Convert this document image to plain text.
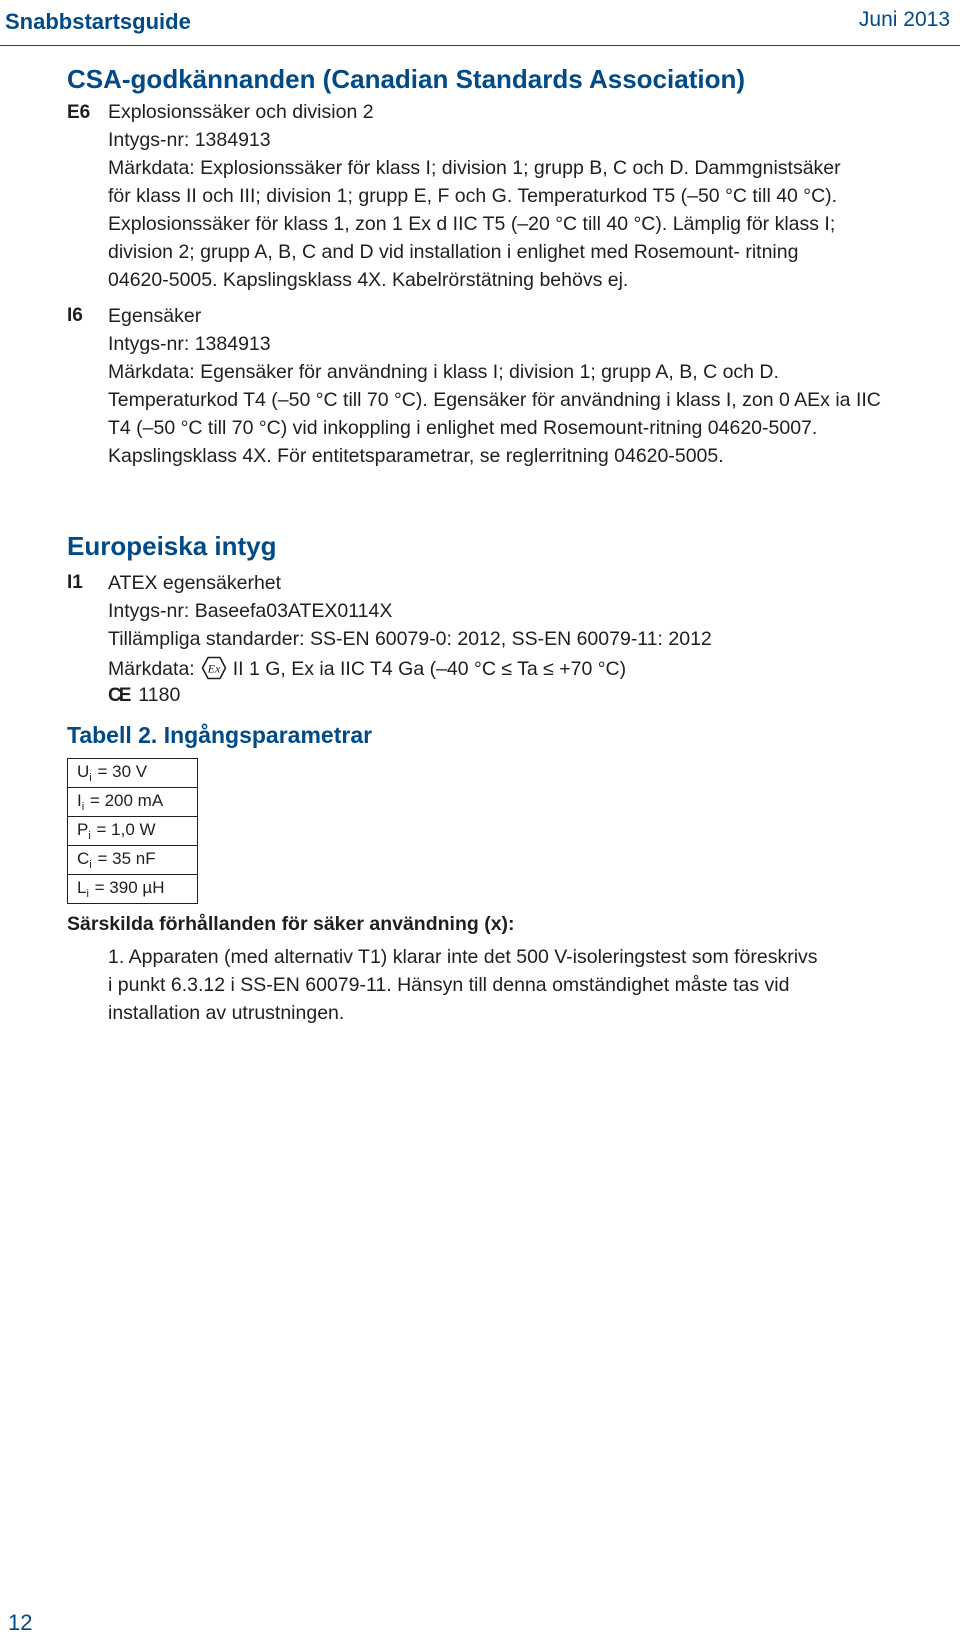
Snabbstartsguide	Juni 2013
CSA-godkännanden (Canadian Standards Association)
E6 Explosionssäker och division 2
Intygs-nr: 1384913
Märkdata: Explosionssäker för klass I; division 1; grupp B, C och D. Dammgnistsäker
för klass II och III; division 1; grupp E, F och G. Temperaturkod T5 (–50 °C till 40 °C).
Explosionssäker för klass 1, zon 1 Ex d IIC T5 (–20 °C till 40 °C). Lämplig för klass I;
division 2; grupp A, B, C and D vid installation i enlighet med Rosemount- ritning
04620-5005. Kapslingsklass 4X. Kabelrörstätning behövs ej.
I6 Egensäker
Intygs-nr: 1384913
Märkdata: Egensäker för användning i klass I; division 1; grupp A, B, C och D.
Temperaturkod T4 (–50 °C till 70 °C). Egensäker för användning i klass I, zon 0 AEx ia IIC
T4 (–50 °C till 70 °C) vid inkoppling i enlighet med Rosemount-ritning 04620-5007.
Kapslingsklass 4X. För entitetsparametrar, se reglerritning 04620-5005.
Europeiska intyg
I1 ATEX egensäkerhet
Intygs-nr: Baseefa03ATEX0114X
Tillämpliga standarder: SS-EN 60079-0: 2012, SS-EN 60079-11: 2012
Märkdata: Ex II 1 G, Ex ia IIC T4 Ga (–40 °C ≤ Ta ≤ +70 °C)
CE 1180
Tabell 2. Ingångsparametrar
$U_i = 30$ V
$I_i = 200$ mA
$P_i = 1,0$ W
$C_i = 35$ nF
$L_i = 390$ µH
Särskilda förhållanden för säker användning (x):
1. Apparaten (med alternativ T1) klarar inte det 500 V-isoleringstest som föreskrivs
i punkt 6.3.12 i SS-EN 60079-11. Hänsyn till denna omständighet måste tas vid
installation av utrustningen.
12
